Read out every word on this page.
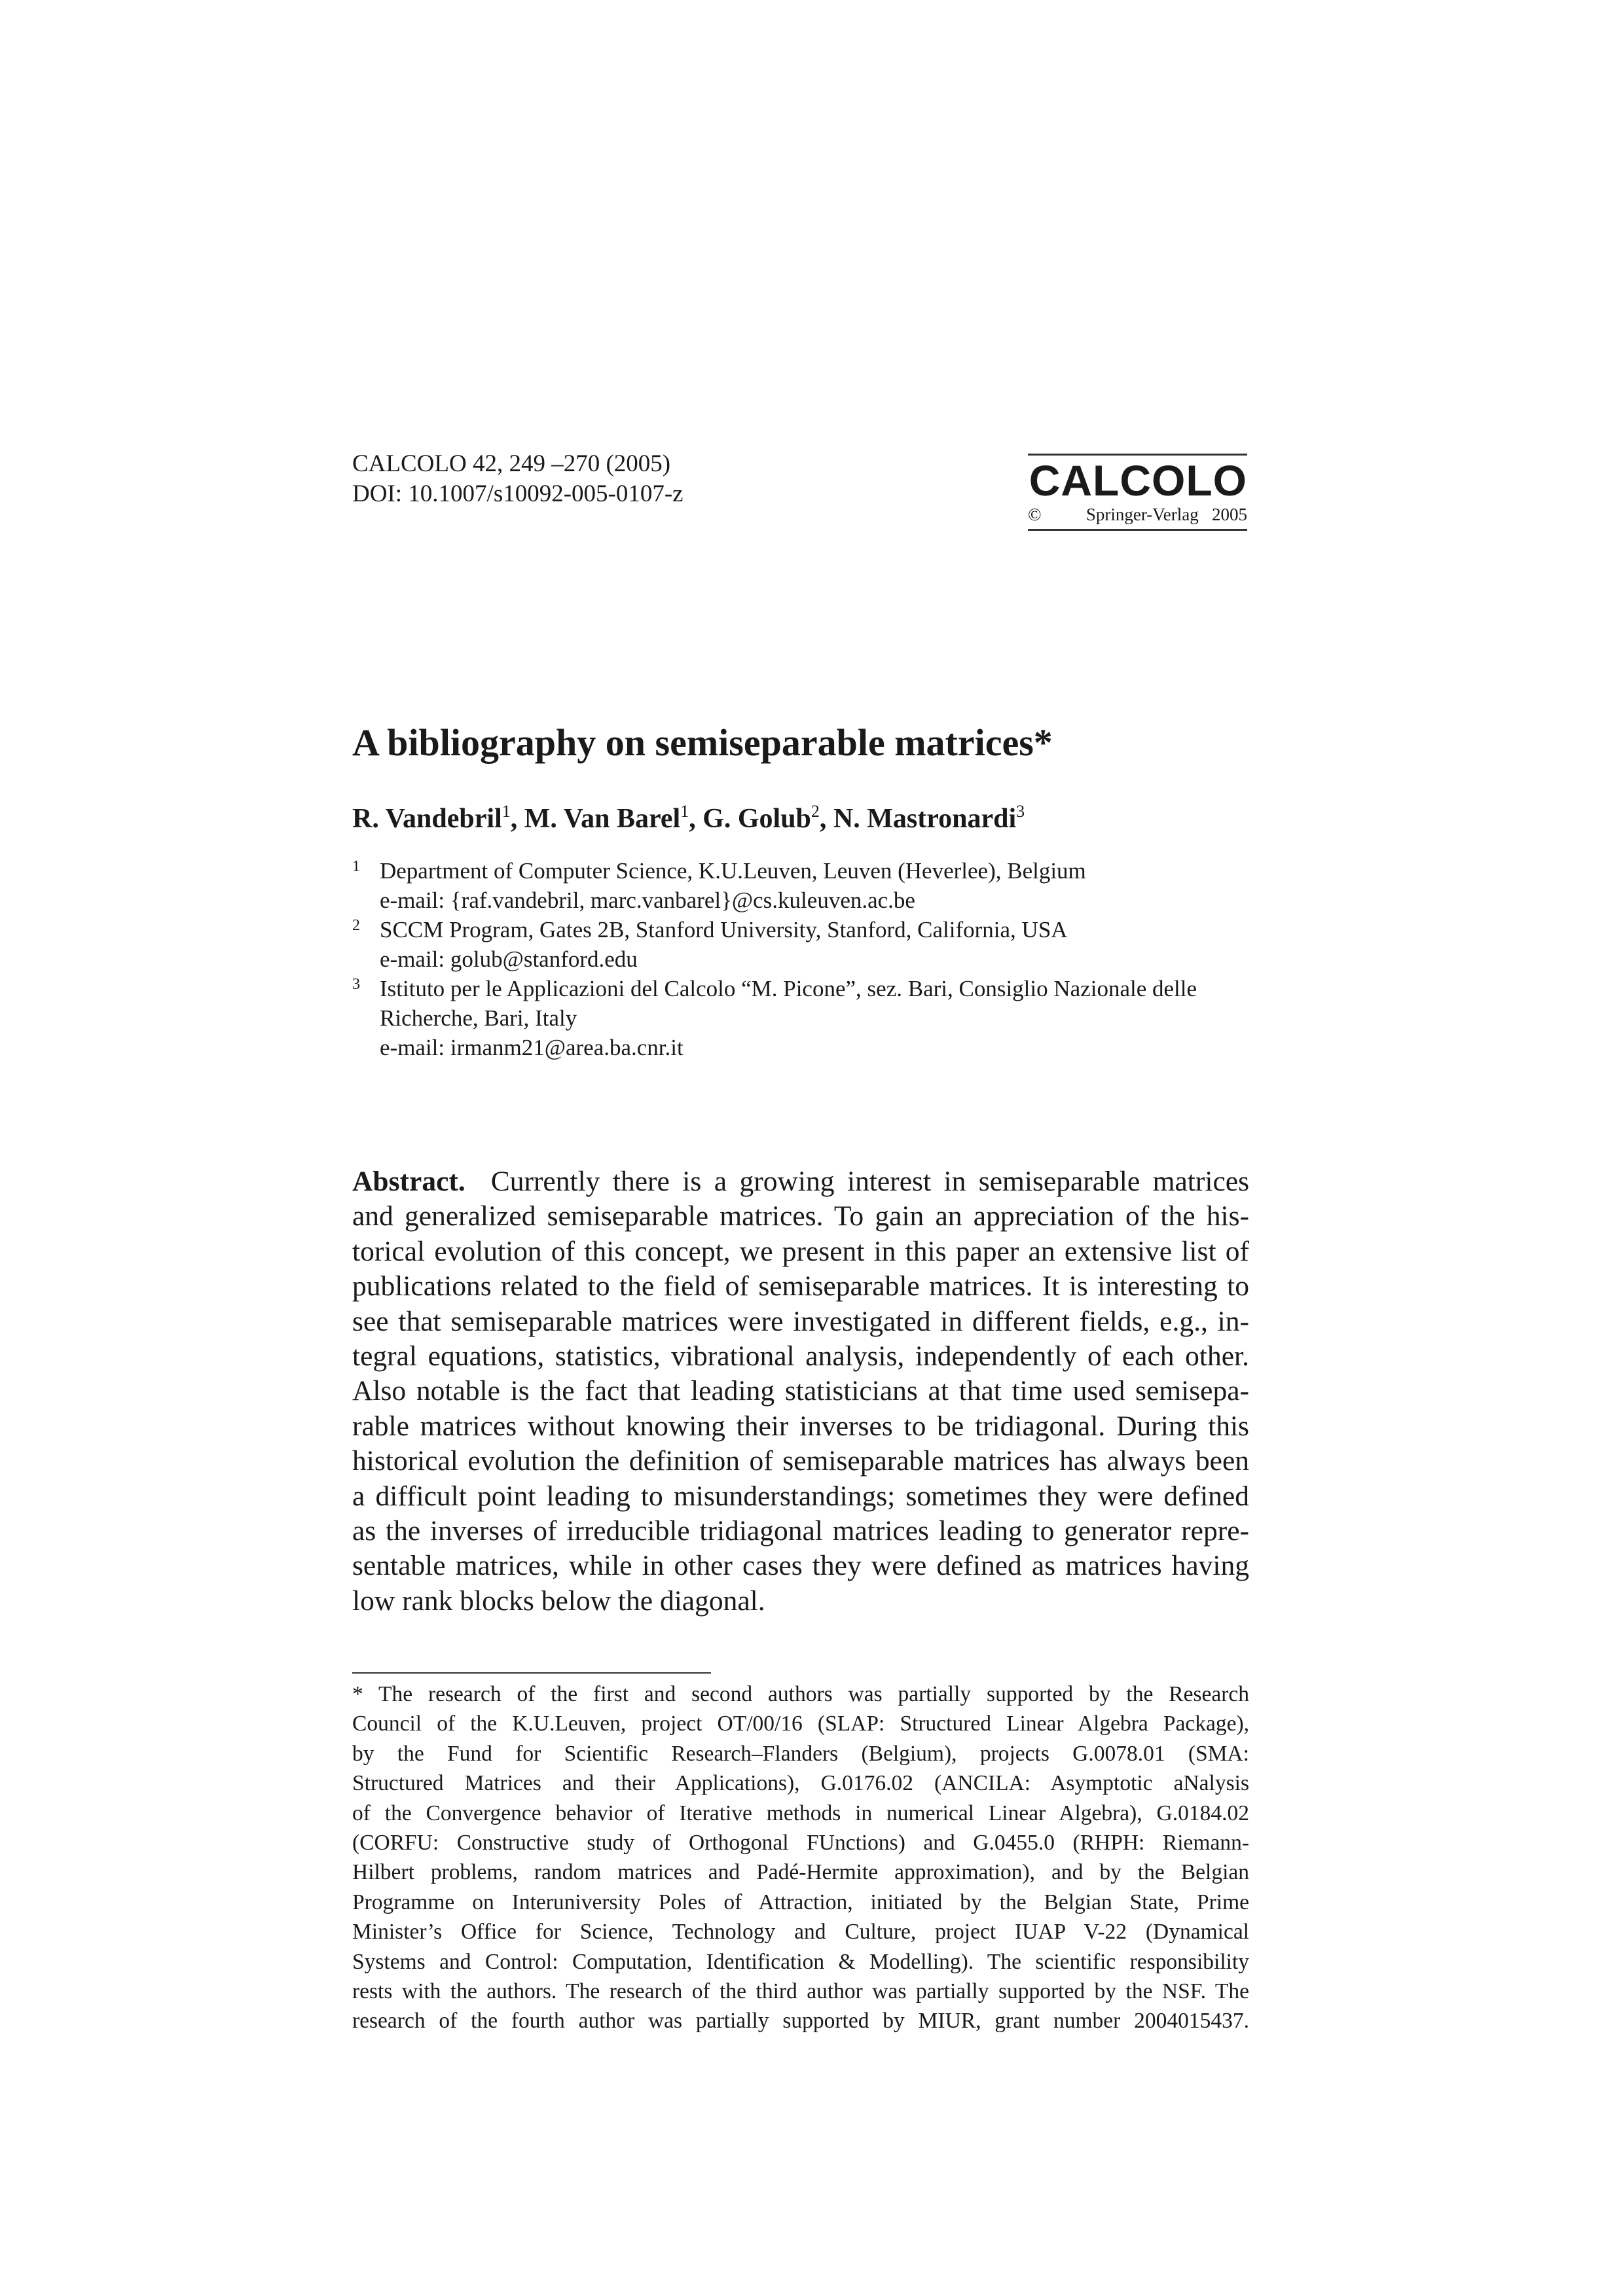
CALCOLO 42, 249 –270 (2005)
DOI: 10.1007/s10092-005-0107-z	CALCOLO
©	Springer-Verlag 2005
A bibliography on semiseparable matrices*
R. Vandebril$^1$, M. Van Barel$^1$, G. Golub$^2$, N. Mastronardi$^3$
1 Department of Computer Science, K.U.Leuven, Leuven (Heverlee), Belgium
e-mail: {raf.vandebril, marc.vanbarel}@cs.kuleuven.ac.be
2 SCCM Program, Gates 2B, Stanford University, Stanford, California, USA
e-mail: golub@stanford.edu
3 Istituto per le Applicazioni del Calcolo “M. Picone”, sez. Bari, Consiglio Nazionale delle
Richerche, Bari, Italy
e-mail: irmanm21@area.ba.cnr.it
Abstract. Currently there is a growing interest in semiseparable matrices
and generalized semiseparable matrices. To gain an appreciation of the his-
torical evolution of this concept, we present in this paper an extensive list of
publications related to the field of semiseparable matrices. It is interesting to
see that semiseparable matrices were investigated in different fields, e.g., in-
tegral equations, statistics, vibrational analysis, independently of each other.
Also notable is the fact that leading statisticians at that time used semisepa-
rable matrices without knowing their inverses to be tridiagonal. During this
historical evolution the definition of semiseparable matrices has always been
a difficult point leading to misunderstandings; sometimes they were defined
as the inverses of irreducible tridiagonal matrices leading to generator repre-
sentable matrices, while in other cases they were defined as matrices having
low rank blocks below the diagonal.
* The research of the first and second authors was partially supported by the Research
Council of the K.U.Leuven, project OT/00/16 (SLAP: Structured Linear Algebra Package),
by the Fund for Scientific Research–Flanders (Belgium), projects G.0078.01 (SMA:
Structured Matrices and their Applications), G.0176.02 (ANCILA: Asymptotic aNalysis
of the Convergence behavior of Iterative methods in numerical Linear Algebra), G.0184.02
(CORFU: Constructive study of Orthogonal FUnctions) and G.0455.0 (RHPH: Riemann-
Hilbert problems, random matrices and Padé-Hermite approximation), and by the Belgian
Programme on Interuniversity Poles of Attraction, initiated by the Belgian State, Prime
Minister’s Office for Science, Technology and Culture, project IUAP V-22 (Dynamical
Systems and Control: Computation, Identification & Modelling). The scientific responsibility
rests with the authors. The research of the third author was partially supported by the NSF. The
research of the fourth author was partially supported by MIUR, grant number 2004015437.
